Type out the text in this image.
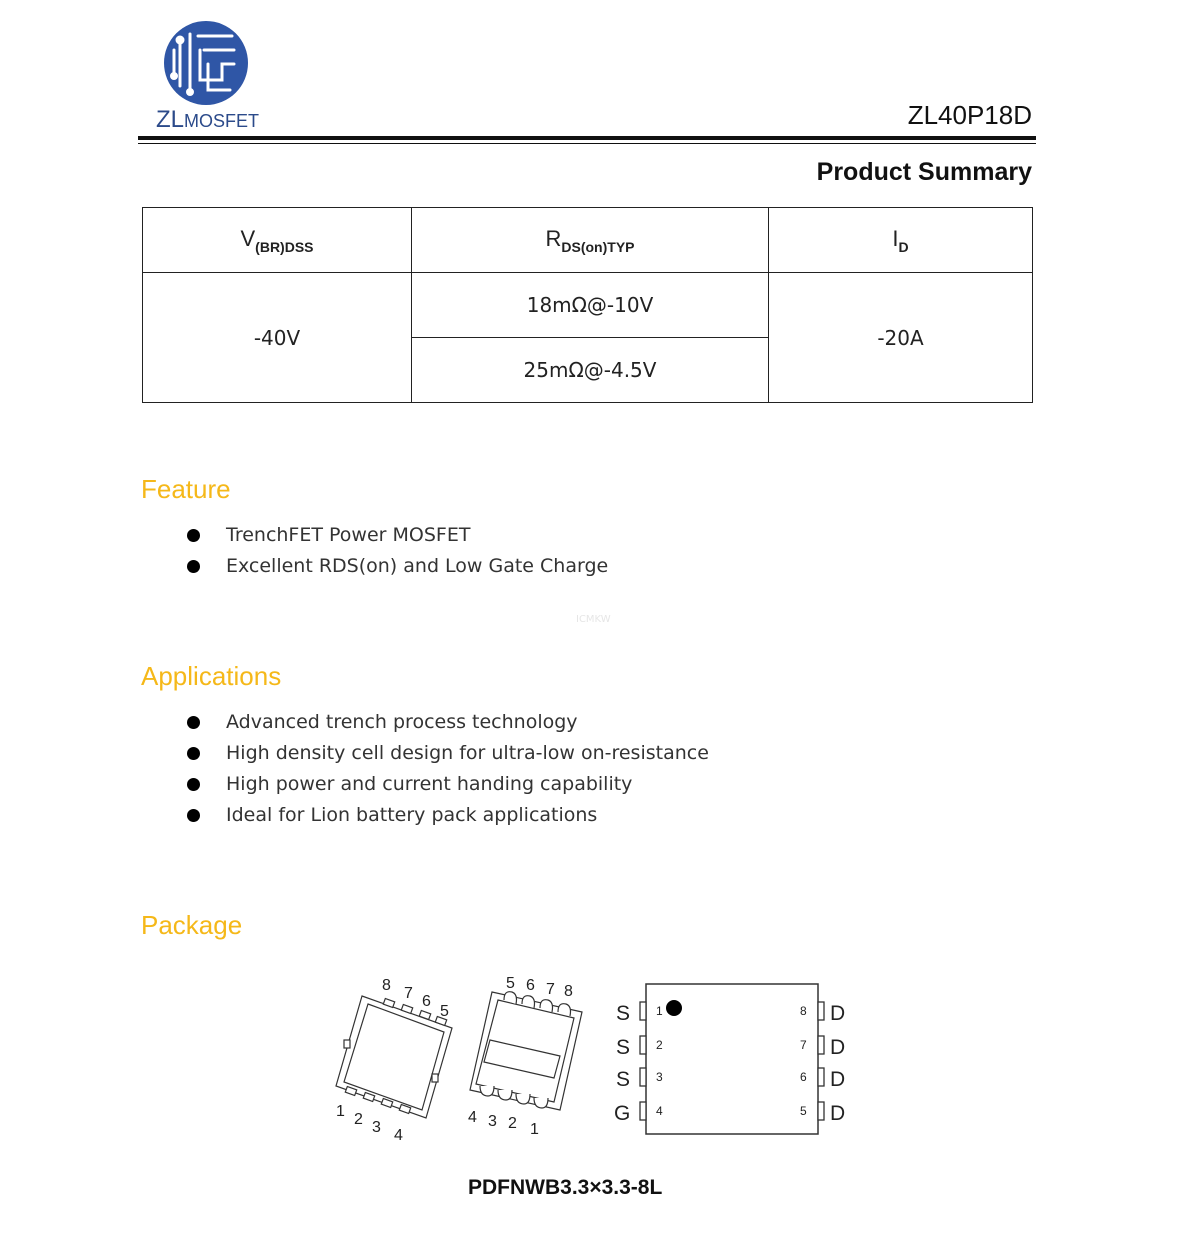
ZLMOSFET	ZL40P18D
Product Summary
$V_{(BR)DSS}$	$R_{DS(on)TYP}$	$I_D$
-40V	18mΩ@-10V	-20A
	25mΩ@-4.5V	
Feature
TrenchFET Power MOSFET
Excellent RDS(on) and Low Gate Charge
ICMKW
Applications
Advanced trench process technology
High density cell design for ultra-low on-resistance
High power and current handing capability
Ideal for Lion battery pack applications
Package
8 7 6
5
1 2 3 4
5 6 7 8
4 3 2 1
S
S
S
G
D
D
D
D
1
2
3
4
8
7
6
5
PDFNWB3.3×3.3-8L
